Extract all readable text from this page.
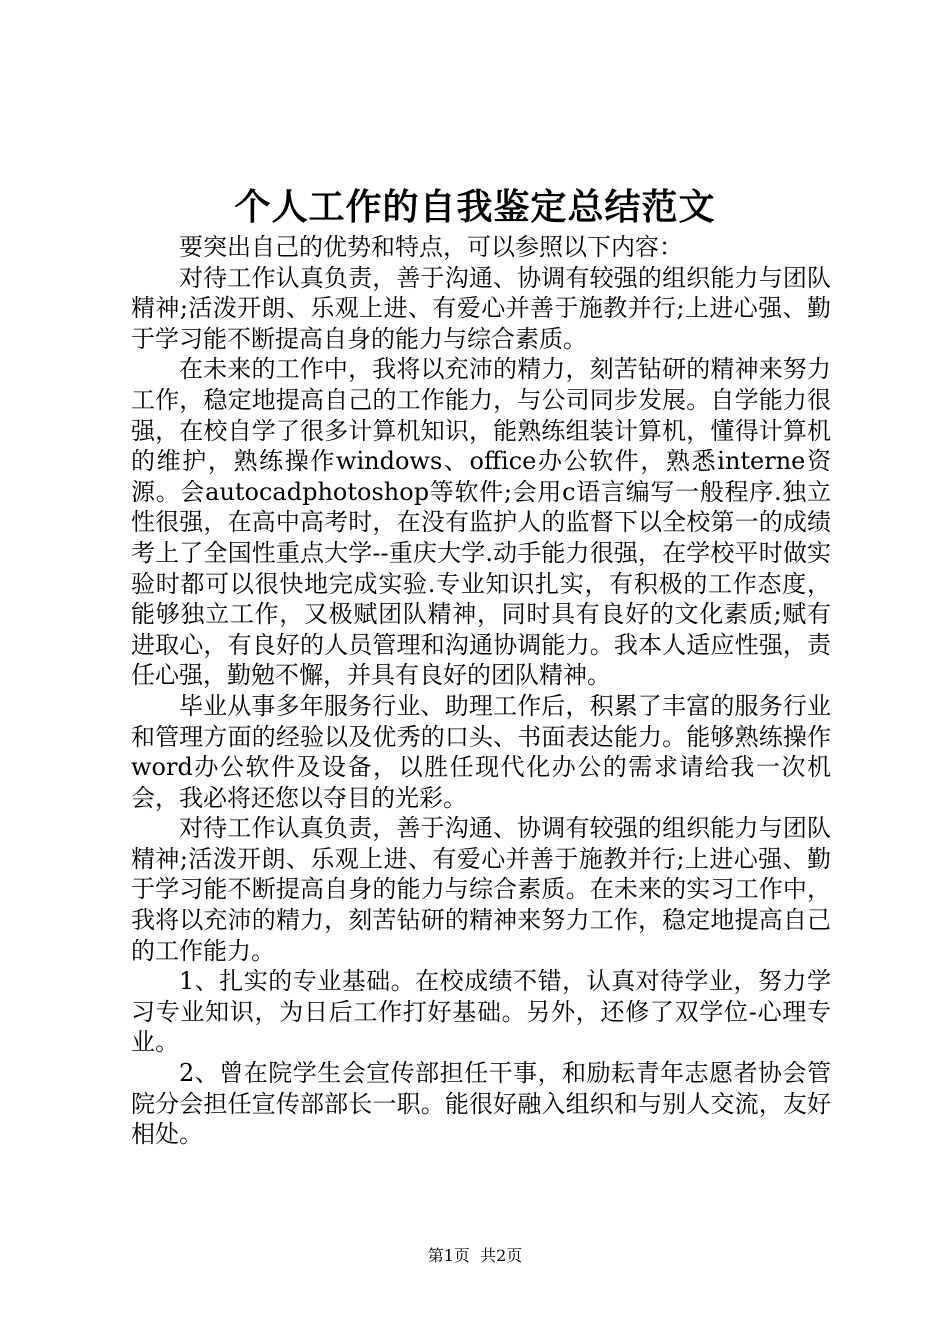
个人工作的自我鉴定总结范文

要突出自己的优势和特点，可以参照以下内容：

对待工作认真负责，善于沟通、协调有较强的组织能力与团队精神;活泼开朗、乐观上进、有爱心并善于施教并行;上进心强、勤于学习能不断提高自身的能力与综合素质。

在未来的工作中，我将以充沛的精力，刻苦钻研的精神来努力工作，稳定地提高自己的工作能力，与公司同步发展。自学能力很强，在校自学了很多计算机知识，能熟练组装计算机，懂得计算机的维护，熟练操作windows、office办公软件，熟悉interne资源。会autocadphotoshop等软件;会用c语言编写一般程序.独立性很强，在高中高考时，在没有监护人的监督下以全校第一的成绩考上了全国性重点大学--重庆大学.动手能力很强，在学校平时做实验时都可以很快地完成实验.专业知识扎实，有积极的工作态度，能够独立工作，又极赋团队精神，同时具有良好的文化素质;赋有进取心，有良好的人员管理和沟通协调能力。我本人适应性强，责任心强，勤勉不懈，并具有良好的团队精神。

毕业从事多年服务行业、助理工作后，积累了丰富的服务行业和管理方面的经验以及优秀的口头、书面表达能力。能够熟练操作word办公软件及设备，以胜任现代化办公的需求请给我一次机会，我必将还您以夺目的光彩。

对待工作认真负责，善于沟通、协调有较强的组织能力与团队精神;活泼开朗、乐观上进、有爱心并善于施教并行;上进心强、勤于学习能不断提高自身的能力与综合素质。在未来的实习工作中，我将以充沛的精力，刻苦钻研的精神来努力工作，稳定地提高自己的工作能力。

1、扎实的专业基础。在校成绩不错，认真对待学业，努力学习专业知识，为日后工作打好基础。另外，还修了双学位-心理专业。

2、曾在院学生会宣传部担任干事，和励耘青年志愿者协会管院分会担任宣传部部长一职。能很好融入组织和与别人交流，友好相处。

第1页 共2页
